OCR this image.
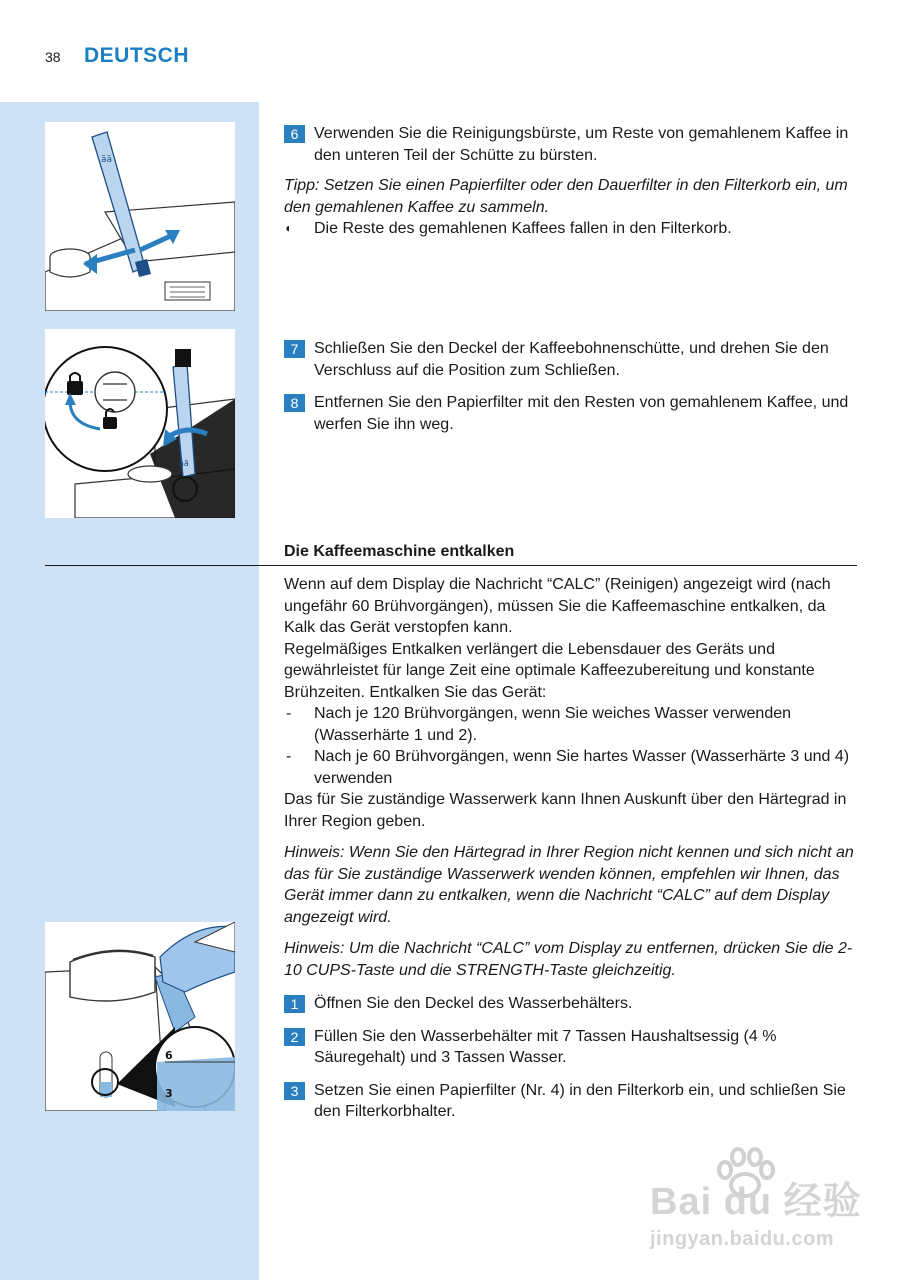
38 DEUTSCH
ãã
ãã
6
3
6 Verwenden Sie die Reinigungsbürste, um Reste von gemahlenem Kaffee in den unteren Teil der Schütte zu bürsten.
Tipp: Setzen Sie einen Papierfilter oder den Dauerfilter in den Filterkorb ein, um den gemahlenen Kaffee zu sammeln.
◖ Die Reste des gemahlenen Kaffees fallen in den Filterkorb.
7 Schließen Sie den Deckel der Kaffeebohnenschütte, und drehen Sie den Verschluss auf die Position zum Schließen.
8 Entfernen Sie den Papierfilter mit den Resten von gemahlenem Kaffee, und werfen Sie ihn weg.
Die Kaffeemaschine entkalken
Wenn auf dem Display die Nachricht “CALC” (Reinigen) angezeigt wird (nach ungefähr 60 Brühvorgängen), müssen Sie die Kaffeemaschine entkalken, da Kalk das Gerät verstopfen kann.
Regelmäßiges Entkalken verlängert die Lebensdauer des Geräts und gewährleistet für lange Zeit eine optimale Kaffeezubereitung und konstante Brühzeiten. Entkalken Sie das Gerät:
- Nach je 120 Brühvorgängen, wenn Sie weiches Wasser verwenden (Wasserhärte 1 und 2).
- Nach je 60 Brühvorgängen, wenn Sie hartes Wasser (Wasserhärte 3 und 4) verwenden
Das für Sie zuständige Wasserwerk kann Ihnen Auskunft über den Härtegrad in Ihrer Region geben.
Hinweis: Wenn Sie den Härtegrad in Ihrer Region nicht kennen und sich nicht an das für Sie zuständige Wasserwerk wenden können, empfehlen wir Ihnen, das Gerät immer dann zu entkalken, wenn die Nachricht “CALC” auf dem Display angezeigt wird.
Hinweis: Um die Nachricht “CALC” vom Display zu entfernen, drücken Sie die 2-10 CUPS-Taste und die STRENGTH-Taste gleichzeitig.
1 Öffnen Sie den Deckel des Wasserbehälters.
2 Füllen Sie den Wasserbehälter mit 7 Tassen Haushaltsessig (4 % Säuregehalt) und 3 Tassen Wasser.
3 Setzen Sie einen Papierfilter (Nr. 4) in den Filterkorb ein, und schließen Sie den Filterkorbhalter.
Bai du 经验
jingyan.baidu.com
